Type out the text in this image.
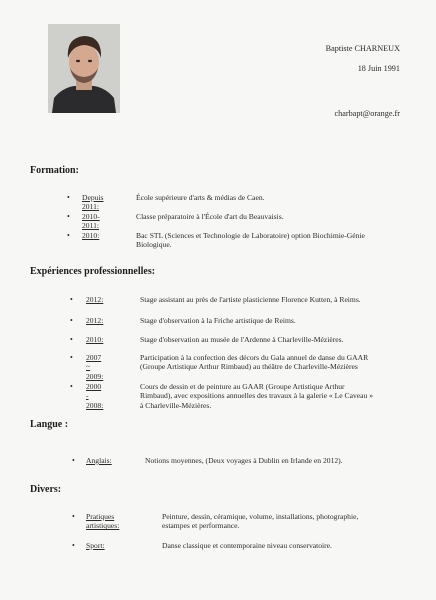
Baptiste CHARNEUX
18 Juin 1991
charbapt@orange.fr
Formation:
• Depuis 2011:
École supérieure d'arts & médias de Caen.
• 2010-2011:
Classe préparatoire à l'École d'art du Beauvaisis.
• 2010:	Bac STL (Sciences et Technologie de Laboratoire) option Biochimie-Génie Biologique.
Expériences professionnelles:
• 2012:	Stage assistant au près de l'artiste plasticienne Florence Kutten, à Reims.
• 2012:	Stage d'observation à la Friche artistique de Reims.
• 2010:	Stage d'observation au musée de l'Ardenne à Charleville-Mézières.
• 2007 ~ 2009:
Participation à la confection des décors du Gala annuel de danse du GAAR (Groupe Artistique Arthur Rimbaud) au théâtre de Charleville-Mézières
• 2000 - 2008:
Cours de dessin et de peinture au GAAR (Groupe Artistique Arthur Rimbaud), avec expositions annuelles des travaux à la galerie « Le Caveau » à Charleville-Mézières.
Langue :
• Anglais:	Notions moyennes, (Deux voyages à Dublin en Irlande en 2012).
Divers:
• Pratiques artistiques:
Peinture, dessin, céramique, volume, installations, photographie, estampes et performance.
• Sport:	Danse classique et contemporaine niveau conservatoire.
